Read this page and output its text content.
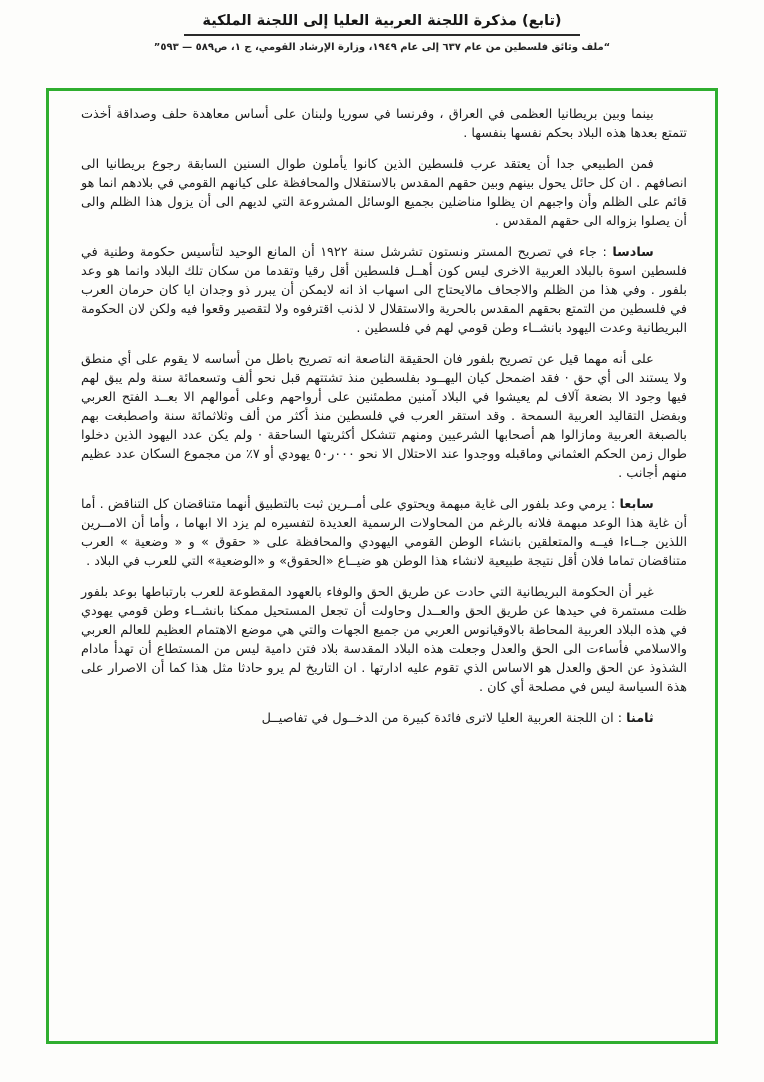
(تابع) مذكرة اللجنة العربية العليا إلى اللجنة الملكية
“ملف وثائق فلسطين من عام ٦٣٧ إلى عام ١٩٤٩، وزارة الإرشاد القومي، ج ١، ص٥٨٩ — ٥٩٣”

بينما وبين بريطانيا العظمى في العراق ، وفرنسا في سوريا ولبنان على أساس معاهدة حلف وصداقة أخذت تتمتع بعدها هذه البلاد بحكم نفسها بنفسها .

فمن الطبيعي جدا أن يعتقد عرب فلسطين الذين كانوا يأملون طوال السنين السابقة رجوع بريطانيا الى انصافهم . ان كل حائل يحول بينهم وبين حقهم المقدس بالاستقلال والمحافظة على كيانهم القومي في بلادهم انما هو قائم على الظلم وأن واجبهم ان يظلوا مناضلين بجميع الوسائل المشروعة التي لديهم الى أن يزول هذا الظلم والى أن يصلوا بزواله الى حقهم المقدس .

سادسا : جاء في تصريح المستر ونستون تشرشل سنة ١٩٢٢ أن المانع الوحيد لتأسيس حكومة وطنية في فلسطين اسوة بالبلاد العربية الاخرى ليس كون أهــل فلسطين أقل رقيا وتقدما من سكان تلك البلاد وانما هو وعد بلفور . وفي هذا من الظلم والاجحاف مالايحتاج الى اسهاب اذ انه لايمكن أن يبرر ذو وجدان ايا كان حرمان العرب في فلسطين من التمتع بحقهم المقدس بالحرية والاستقلال لا لذنب اقترفوه ولا لتقصير وقعوا فيه ولكن لان الحكومة البريطانية وعدت اليهود بانشــاء وطن قومي لهم في فلسطين .

على أنه مهما قيل عن تصريح بلفور فان الحقيقة الناصعة انه تصريح باطل من أساسه لا يقوم على أي منطق ولا يستند الى أي حق · فقد اضمحل كيان اليهــود بفلسطين منذ تشتتهم قبل نحو ألف وتسعمائة سنة ولم يبق لهم فيها وجود الا بضعة آلاف لم يعيشوا في البلاد آمنين مطمئنين على أرواحهم وعلى أموالهم الا بعــد الفتح العربي وبفضل التقاليد العربية السمحة . وقد استقر العرب في فلسطين منذ أكثر من ألف وثلاثمائة سنة واصطبغت بهم بالصبغة العربية ومازالوا هم أصحابها الشرعيين ومنهم تتشكل أكثريتها الساحقة · ولم يكن عدد اليهود الذين دخلوا طوال زمن الحكم العثماني وماقبله ووجدوا عند الاحتلال الا نحو ٠٠٠ر٥٠ يهودي أو ٧٪ من مجموع السكان عدد عظيم منهم أجانب .

سابعا : يرمي وعد بلفور الى غاية مبهمة ويحتوي على أمــرين ثبت بالتطبيق أنهما متناقضان كل التناقض . أما أن غاية هذا الوعد مبهمة فلانه بالرغم من المحاولات الرسمية العديدة لتفسيره لم يزد الا ابهاما ، وأما أن الامــرين اللذين جــاءا فيــه والمتعلقين بانشاء الوطن القومي اليهودي والمحافظة على « حقوق » و « وضعية » العرب متناقضان تماما فلان أقل نتيجة طبيعية لانشاء هذا الوطن هو ضيــاع «الحقوق» و «الوضعية» التي للعرب في البلاد .

غير أن الحكومة البريطانية التي حادت عن طريق الحق والوفاء بالعهود المقطوعة للعرب بارتباطها بوعد بلفور ظلت مستمرة في حيدها عن طريق الحق والعــدل وحاولت أن تجعل المستحيل ممكنا بانشــاء وطن قومي يهودي في هذه البلاد العربية المحاطة بالاوقيانوس العربي من جميع الجهات والتي هي موضع الاهتمام العظيم للعالم العربي والاسلامي فأساءت الى الحق والعدل وجعلت هذه البلاد المقدسة بلاد فتن دامية ليس من المستطاع أن تهدأ مادام الشذوذ عن الحق والعدل هو الاساس الذي تقوم عليه ادارتها . ان التاريخ لم يرو حادثا مثل هذا كما أن الاصرار على هذة السياسة ليس في مصلحة أي كان .

ثامنا : ان اللجنة العربية العليا لاترى فائدة كبيرة من الدخــول في تفاصيــل
